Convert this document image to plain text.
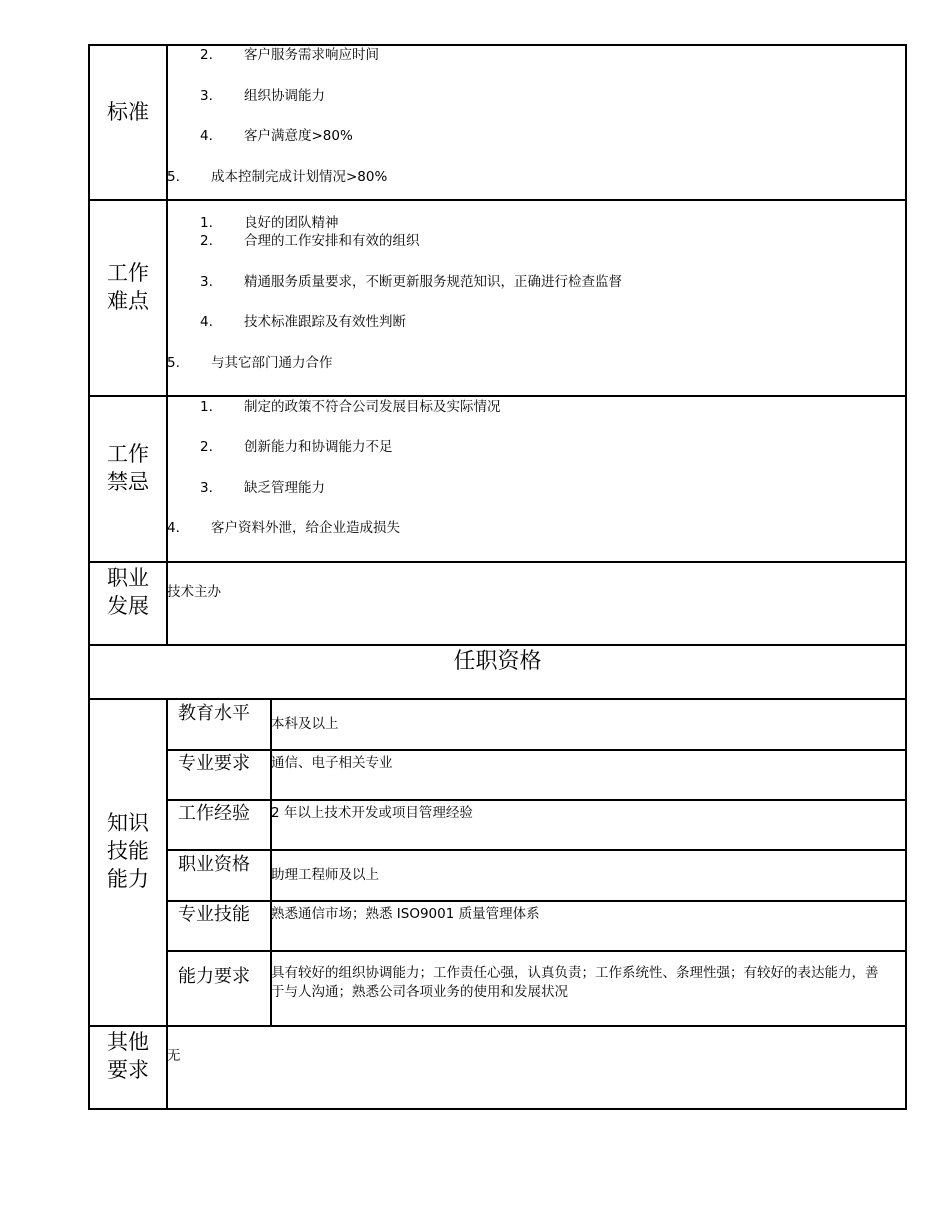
标准
2. 客户服务需求响应时间
3. 组织协调能力
4. 客户满意度>80%
5. 成本控制完成计划情况>80%
工作
难点
1. 良好的团队精神
2. 合理的工作安排和有效的组织
3. 精通服务质量要求，不断更新服务规范知识，正确进行检查监督
4. 技术标准跟踪及有效性判断
5. 与其它部门通力合作
工作
禁忌
1. 制定的政策不符合公司发展目标及实际情况
2. 创新能力和协调能力不足
3. 缺乏管理能力
4. 客户资料外泄，给企业造成损失
职业
发展
技术主办
任职资格
知识
技能
能力
教育水平 本科及以上
专业要求 通信、电子相关专业
工作经验 2 年以上技术开发或项目管理经验
职业资格 助理工程师及以上
专业技能 熟悉通信市场；熟悉 ISO9001 质量管理体系
能力要求 具有较好的组织协调能力；工作责任心强，认真负责；工作系统性、条理性强；有较好的表达能力，善于与人沟通；熟悉公司各项业务的使用和发展状况
其他
要求
无
